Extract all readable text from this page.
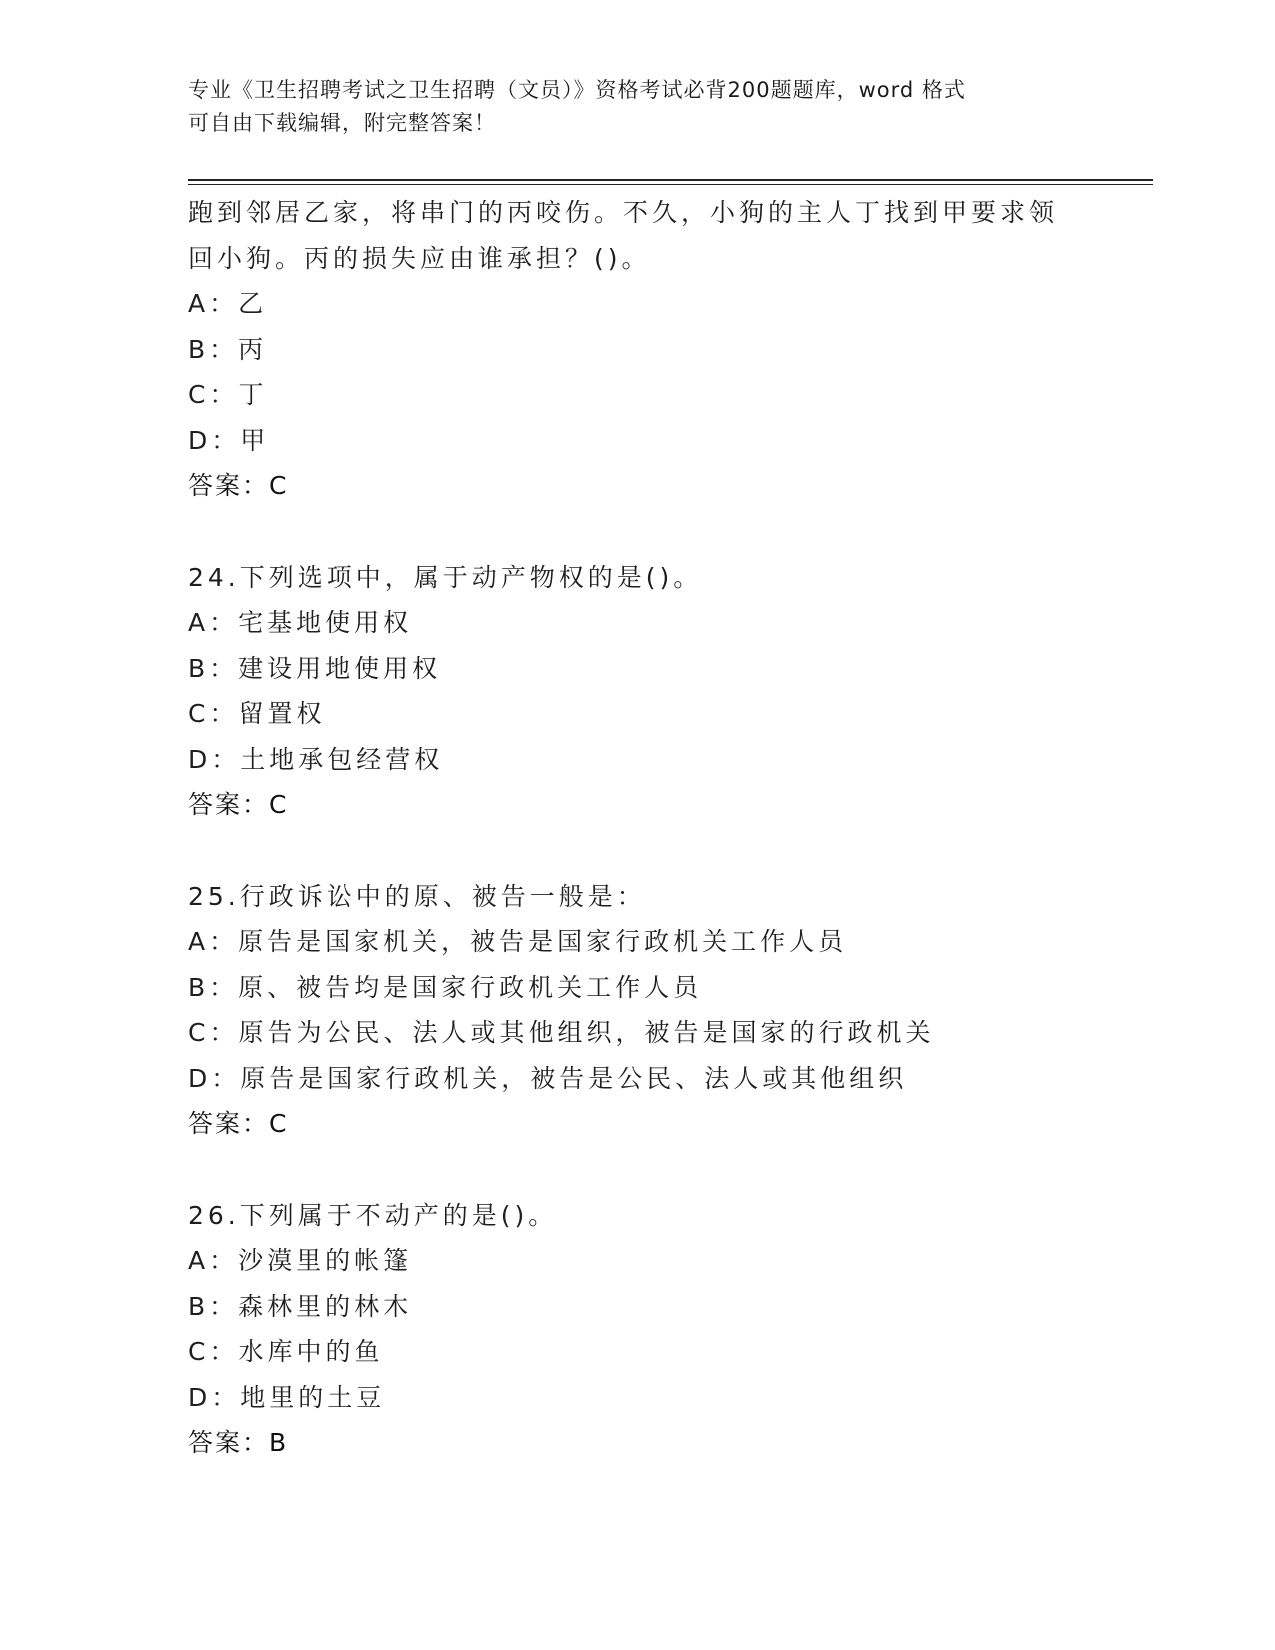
专业《卫生招聘考试之卫生招聘（文员）》资格考试必背200题题库，word 格式
可自由下载编辑，附完整答案！
跑到邻居乙家，将串门的丙咬伤。不久，小狗的主人丁找到甲要求领
回小狗。丙的损失应由谁承担？()。
A：乙
B：丙
C：丁
D：甲
答案：C
24.下列选项中，属于动产物权的是()。
A：宅基地使用权
B：建设用地使用权
C：留置权
D：土地承包经营权
答案：C
25.行政诉讼中的原、被告一般是：
A：原告是国家机关，被告是国家行政机关工作人员
B：原、被告均是国家行政机关工作人员
C：原告为公民、法人或其他组织，被告是国家的行政机关
D：原告是国家行政机关，被告是公民、法人或其他组织
答案：C
26.下列属于不动产的是()。
A：沙漠里的帐篷
B：森林里的林木
C：水库中的鱼
D：地里的土豆
答案：B
